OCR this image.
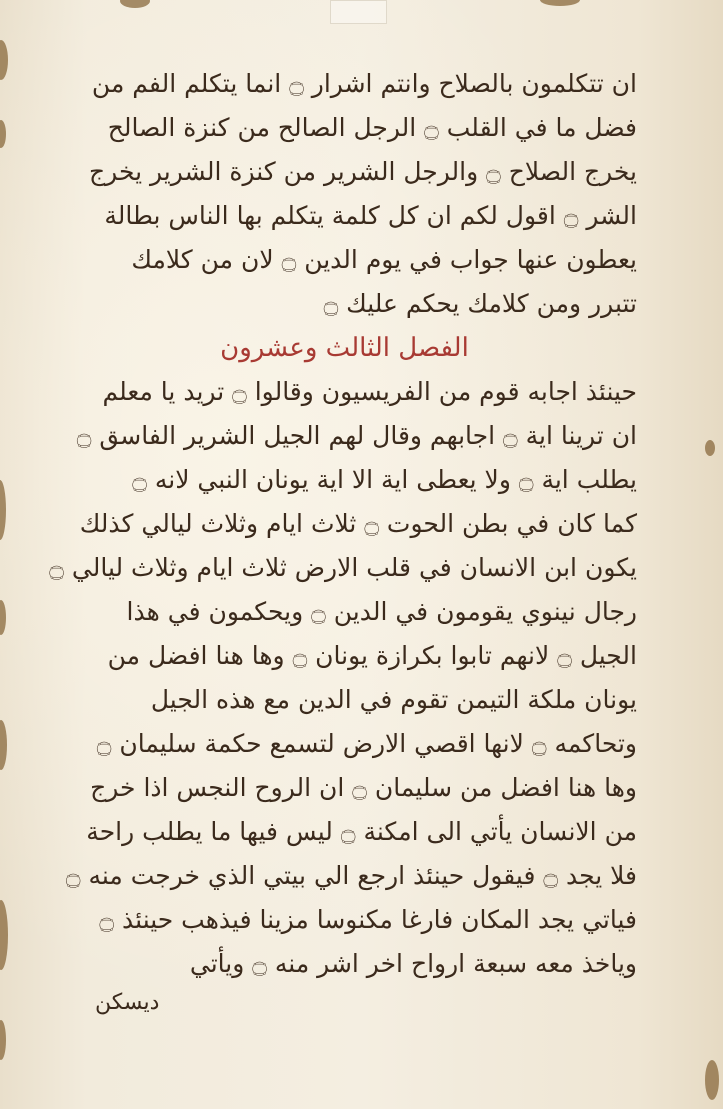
ان تتكلمون بالصلاح وانتم اشرار ۝ انما يتكلم الفم من
فضل ما في القلب ۝ الرجل الصالح من كنزة الصالح
يخرج الصلاح ۝ والرجل الشرير من كنزة الشرير يخرج
الشر ۝ اقول لكم ان كل كلمة يتكلم بها الناس بطالة
يعطون عنها جواب في يوم الدين ۝ لان من كلامك
تتبرر ومن كلامك يحكم عليك ۝
الفصل الثالث وعشرون
حينئذ اجابه قوم من الفريسيون وقالوا ۝ تريد يا معلم
ان ترينا اية ۝ اجابهم وقال لهم الجيل الشرير الفاسق ۝
يطلب اية ۝ ولا يعطى اية الا اية يونان النبي لانه ۝
كما كان في بطن الحوت ۝ ثلاث ايام وثلاث ليالي كذلك
يكون ابن الانسان في قلب الارض ثلاث ايام وثلاث ليالي ۝
رجال نينوي يقومون في الدين ۝ ويحكمون في هذا
الجيل ۝ لانهم تابوا بكرازة يونان ۝ وها هنا افضل من
يونان ملكة التيمن تقوم في الدين مع هذه الجيل
وتحاكمه ۝ لانها اقصي الارض لتسمع حكمة سليمان ۝
وها هنا افضل من سليمان ۝ ان الروح النجس اذا خرج
من الانسان يأتي الى امكنة ۝ ليس فيها ما يطلب راحة
فلا يجد ۝ فيقول حينئذ ارجع الي بيتي الذي خرجت منه ۝
فياتي يجد المكان فارغا مكنوسا مزينا فيذهب حينئذ ۝
وياخذ معه سبعة ارواح اخر اشر منه ۝ ويأتي
ديسكن
